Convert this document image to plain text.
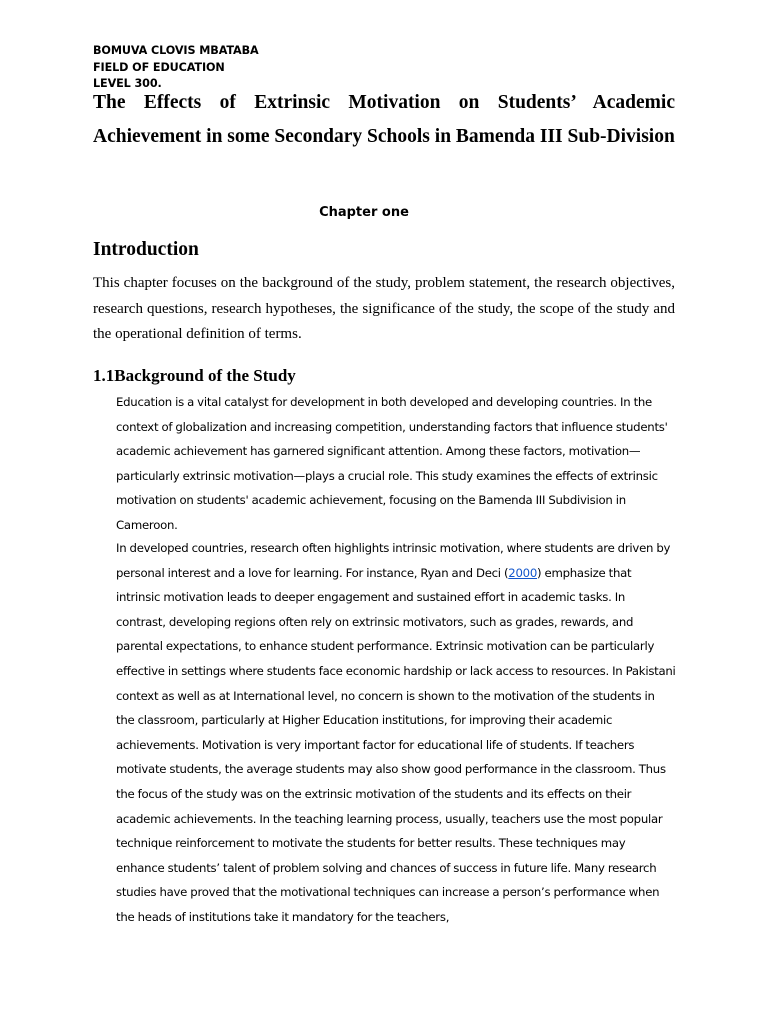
BOMUVA CLOVIS MBATABA
FIELD OF EDUCATION
LEVEL 300.
The Effects of Extrinsic Motivation on Students’ Academic Achievement in some Secondary Schools in Bamenda III Sub-Division
Chapter one
Introduction

This chapter focuses on the background of the study, problem statement, the research objectives, research questions, research hypotheses, the significance of the study, the scope of the study and the operational definition of terms.

1.1Background of the Study

Education is a vital catalyst for development in both developed and developing countries. In the context of globalization and increasing competition, understanding factors that influence students' academic achievement has garnered significant attention. Among these factors, motivation—particularly extrinsic motivation—plays a crucial role. This study examines the effects of extrinsic motivation on students' academic achievement, focusing on the Bamenda III Subdivision in Cameroon.

In developed countries, research often highlights intrinsic motivation, where students are driven by personal interest and a love for learning. For instance, Ryan and Deci (2000) emphasize that intrinsic motivation leads to deeper engagement and sustained effort in academic tasks. In contrast, developing regions often rely on extrinsic motivators, such as grades, rewards, and parental expectations, to enhance student performance. Extrinsic motivation can be particularly effective in settings where students face economic hardship or lack access to resources. In Pakistani context as well as at International level, no concern is shown to the motivation of the students in the classroom, particularly at Higher Education institutions, for improving their academic achievements. Motivation is very important factor for educational life of students. If teachers motivate students, the average students may also show good performance in the classroom. Thus the focus of the study was on the extrinsic motivation of the students and its effects on their academic achievements. In the teaching learning process, usually, teachers use the most popular technique reinforcement to motivate the students for better results. These techniques may enhance students’ talent of problem solving and chances of success in future life. Many research studies have proved that the motivational techniques can increase a person’s performance when the heads of institutions take it mandatory for the teachers,
